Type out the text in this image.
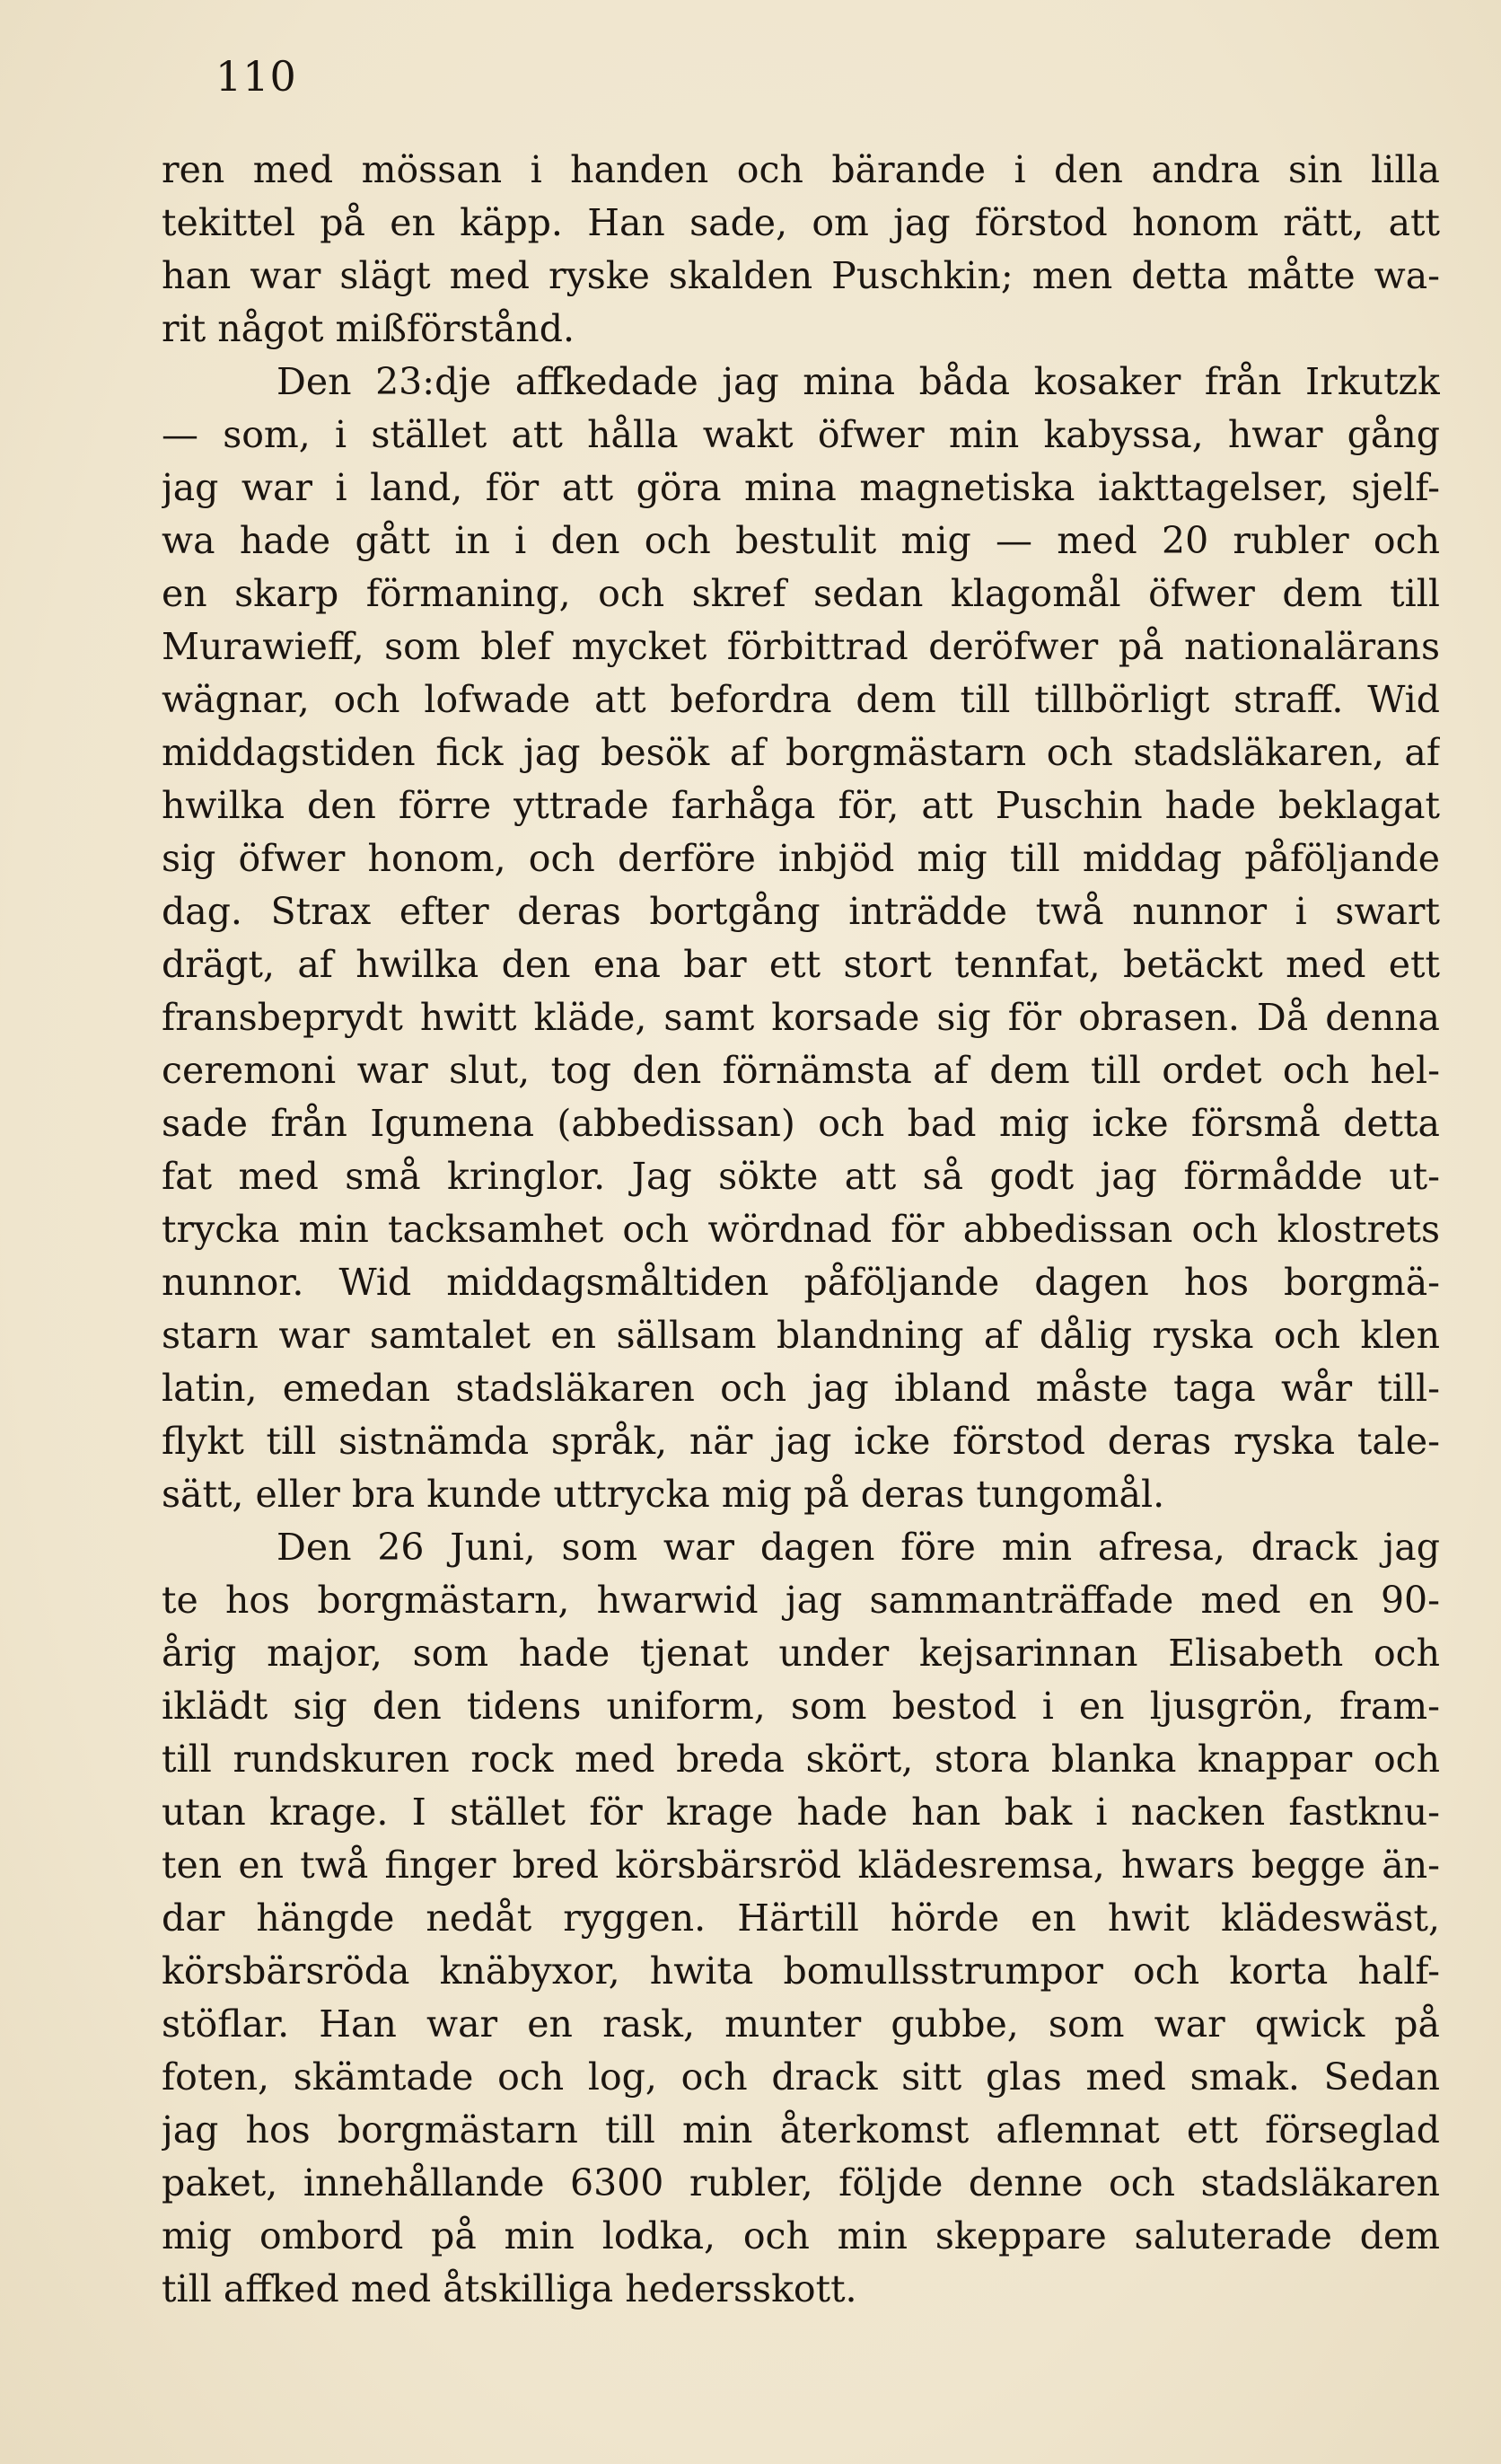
110
ren med mössan i handen och bärande i den andra sin lilla
tekittel på en käpp. Han sade, om jag förstod honom rätt, att
han war slägt med ryske skalden Puschkin; men detta måtte wa-
rit något mißförstånd.
Den 23:dje affkedade jag mina båda kosaker från Irkutzk
— som, i stället att hålla wakt öfwer min kabyssa, hwar gång
jag war i land, för att göra mina magnetiska iakttagelser, sjelf-
wa hade gått in i den och bestulit mig — med 20 rubler och
en skarp förmaning, och skref sedan klagomål öfwer dem till
Murawieff, som blef mycket förbittrad deröfwer på nationalärans
wägnar, och lofwade att befordra dem till tillbörligt straff. Wid
middagstiden fick jag besök af borgmästarn och stadsläkaren, af
hwilka den förre yttrade farhåga för, att Puschin hade beklagat
sig öfwer honom, och derföre inbjöd mig till middag påföljande
dag. Strax efter deras bortgång inträdde twå nunnor i swart
drägt, af hwilka den ena bar ett stort tennfat, betäckt med ett
fransbeprydt hwitt kläde, samt korsade sig för obrasen. Då denna
ceremoni war slut, tog den förnämsta af dem till ordet och hel-
sade från Igumena (abbedissan) och bad mig icke försmå detta
fat med små kringlor. Jag sökte att så godt jag förmådde ut-
trycka min tacksamhet och wördnad för abbedissan och klostrets
nunnor. Wid middagsmåltiden påföljande dagen hos borgmä-
starn war samtalet en sällsam blandning af dålig ryska och klen
latin, emedan stadsläkaren och jag ibland måste taga wår till-
flykt till sistnämda språk, när jag icke förstod deras ryska tale-
sätt, eller bra kunde uttrycka mig på deras tungomål.
Den 26 Juni, som war dagen före min afresa, drack jag
te hos borgmästarn, hwarwid jag sammanträffade med en 90-
årig major, som hade tjenat under kejsarinnan Elisabeth och
iklädt sig den tidens uniform, som bestod i en ljusgrön, fram-
till rundskuren rock med breda skört, stora blanka knappar och
utan krage. I stället för krage hade han bak i nacken fastknu-
ten en twå finger bred körsbärsröd klädesremsa, hwars begge än-
dar hängde nedåt ryggen. Härtill hörde en hwit klädeswäst,
körsbärsröda knäbyxor, hwita bomullsstrumpor och korta half-
stöflar. Han war en rask, munter gubbe, som war qwick på
foten, skämtade och log, och drack sitt glas med smak. Sedan
jag hos borgmästarn till min återkomst aflemnat ett förseglad
paket, innehållande 6300 rubler, följde denne och stadsläkaren
mig ombord på min lodka, och min skeppare saluterade dem
till affked med åtskilliga hedersskott.
